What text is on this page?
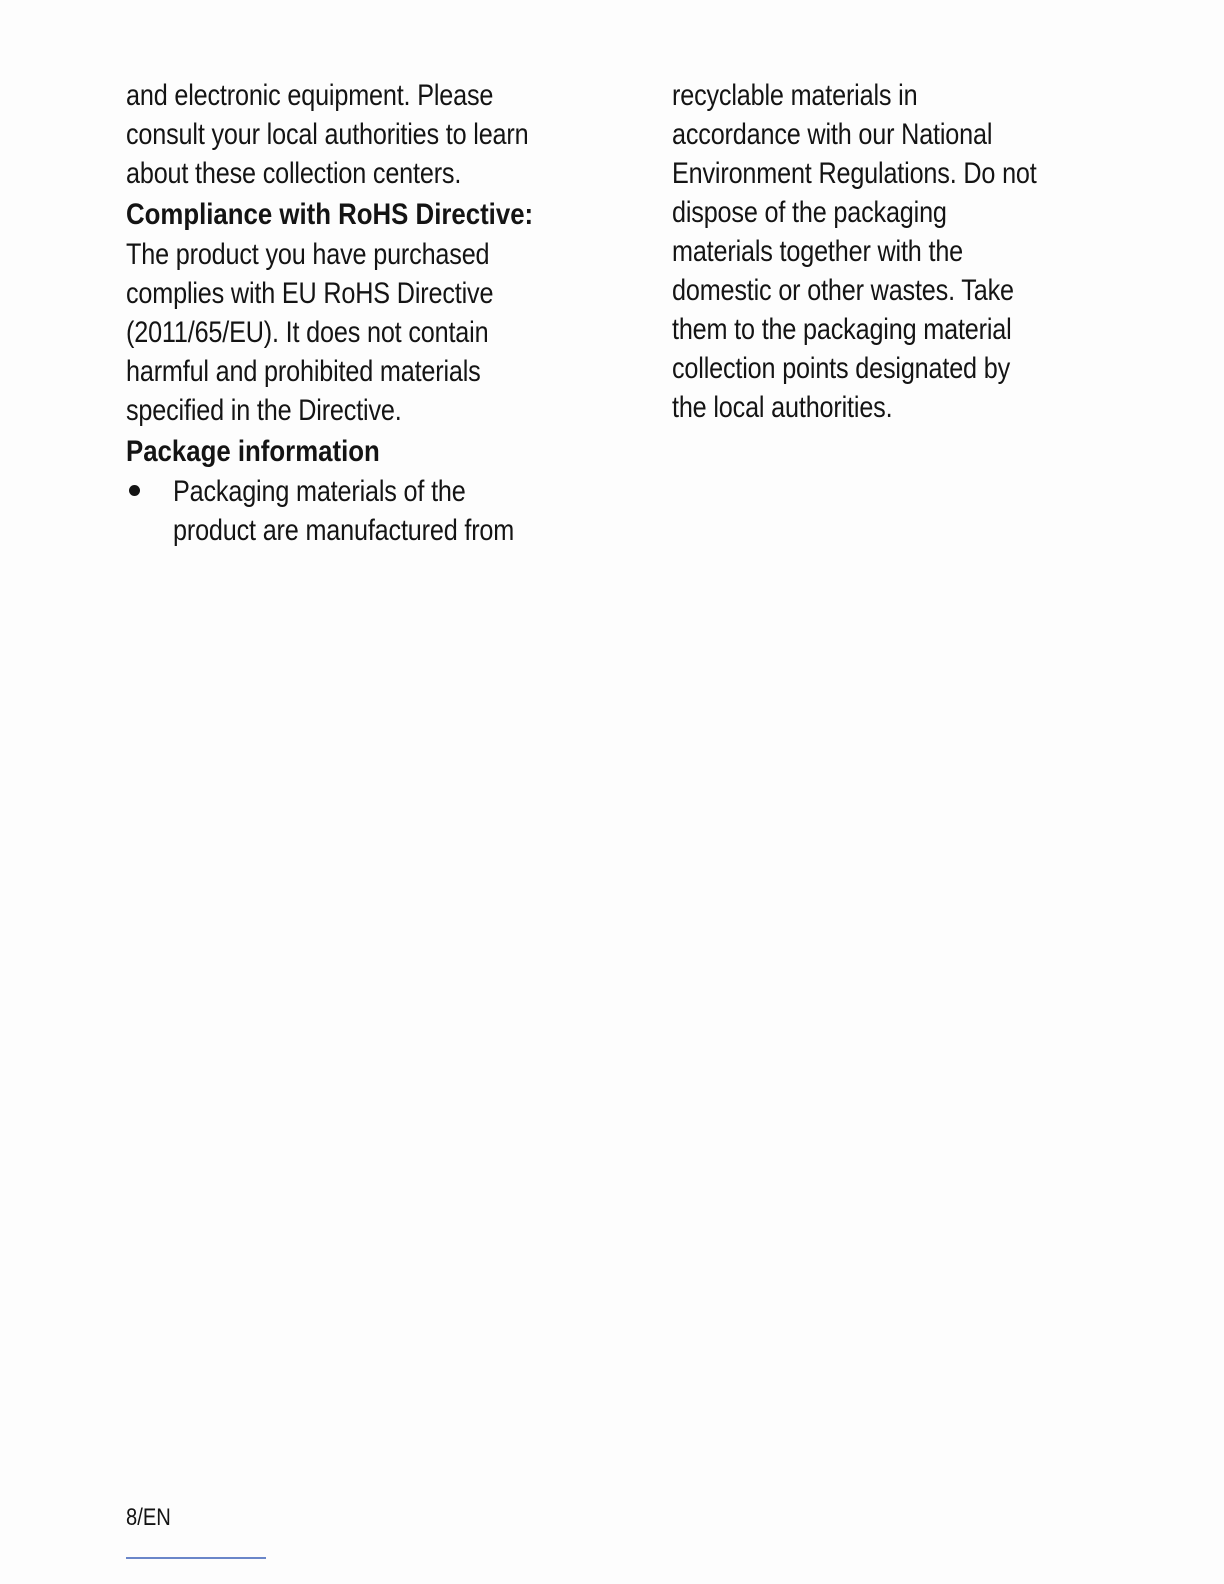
and electronic equipment. Please
consult your local authorities to learn
about these collection centers.
Compliance with RoHS Directive:
The product you have purchased
complies with EU RoHS Directive
(2011/65/EU). It does not contain
harmful and prohibited materials
specified in the Directive.
Package information
Packaging materials of the
product are manufactured from
recyclable materials in
accordance with our National
Environment Regulations. Do not
dispose of the packaging
materials together with the
domestic or other wastes. Take
them to the packaging material
collection points designated by
the local authorities.
8/EN
